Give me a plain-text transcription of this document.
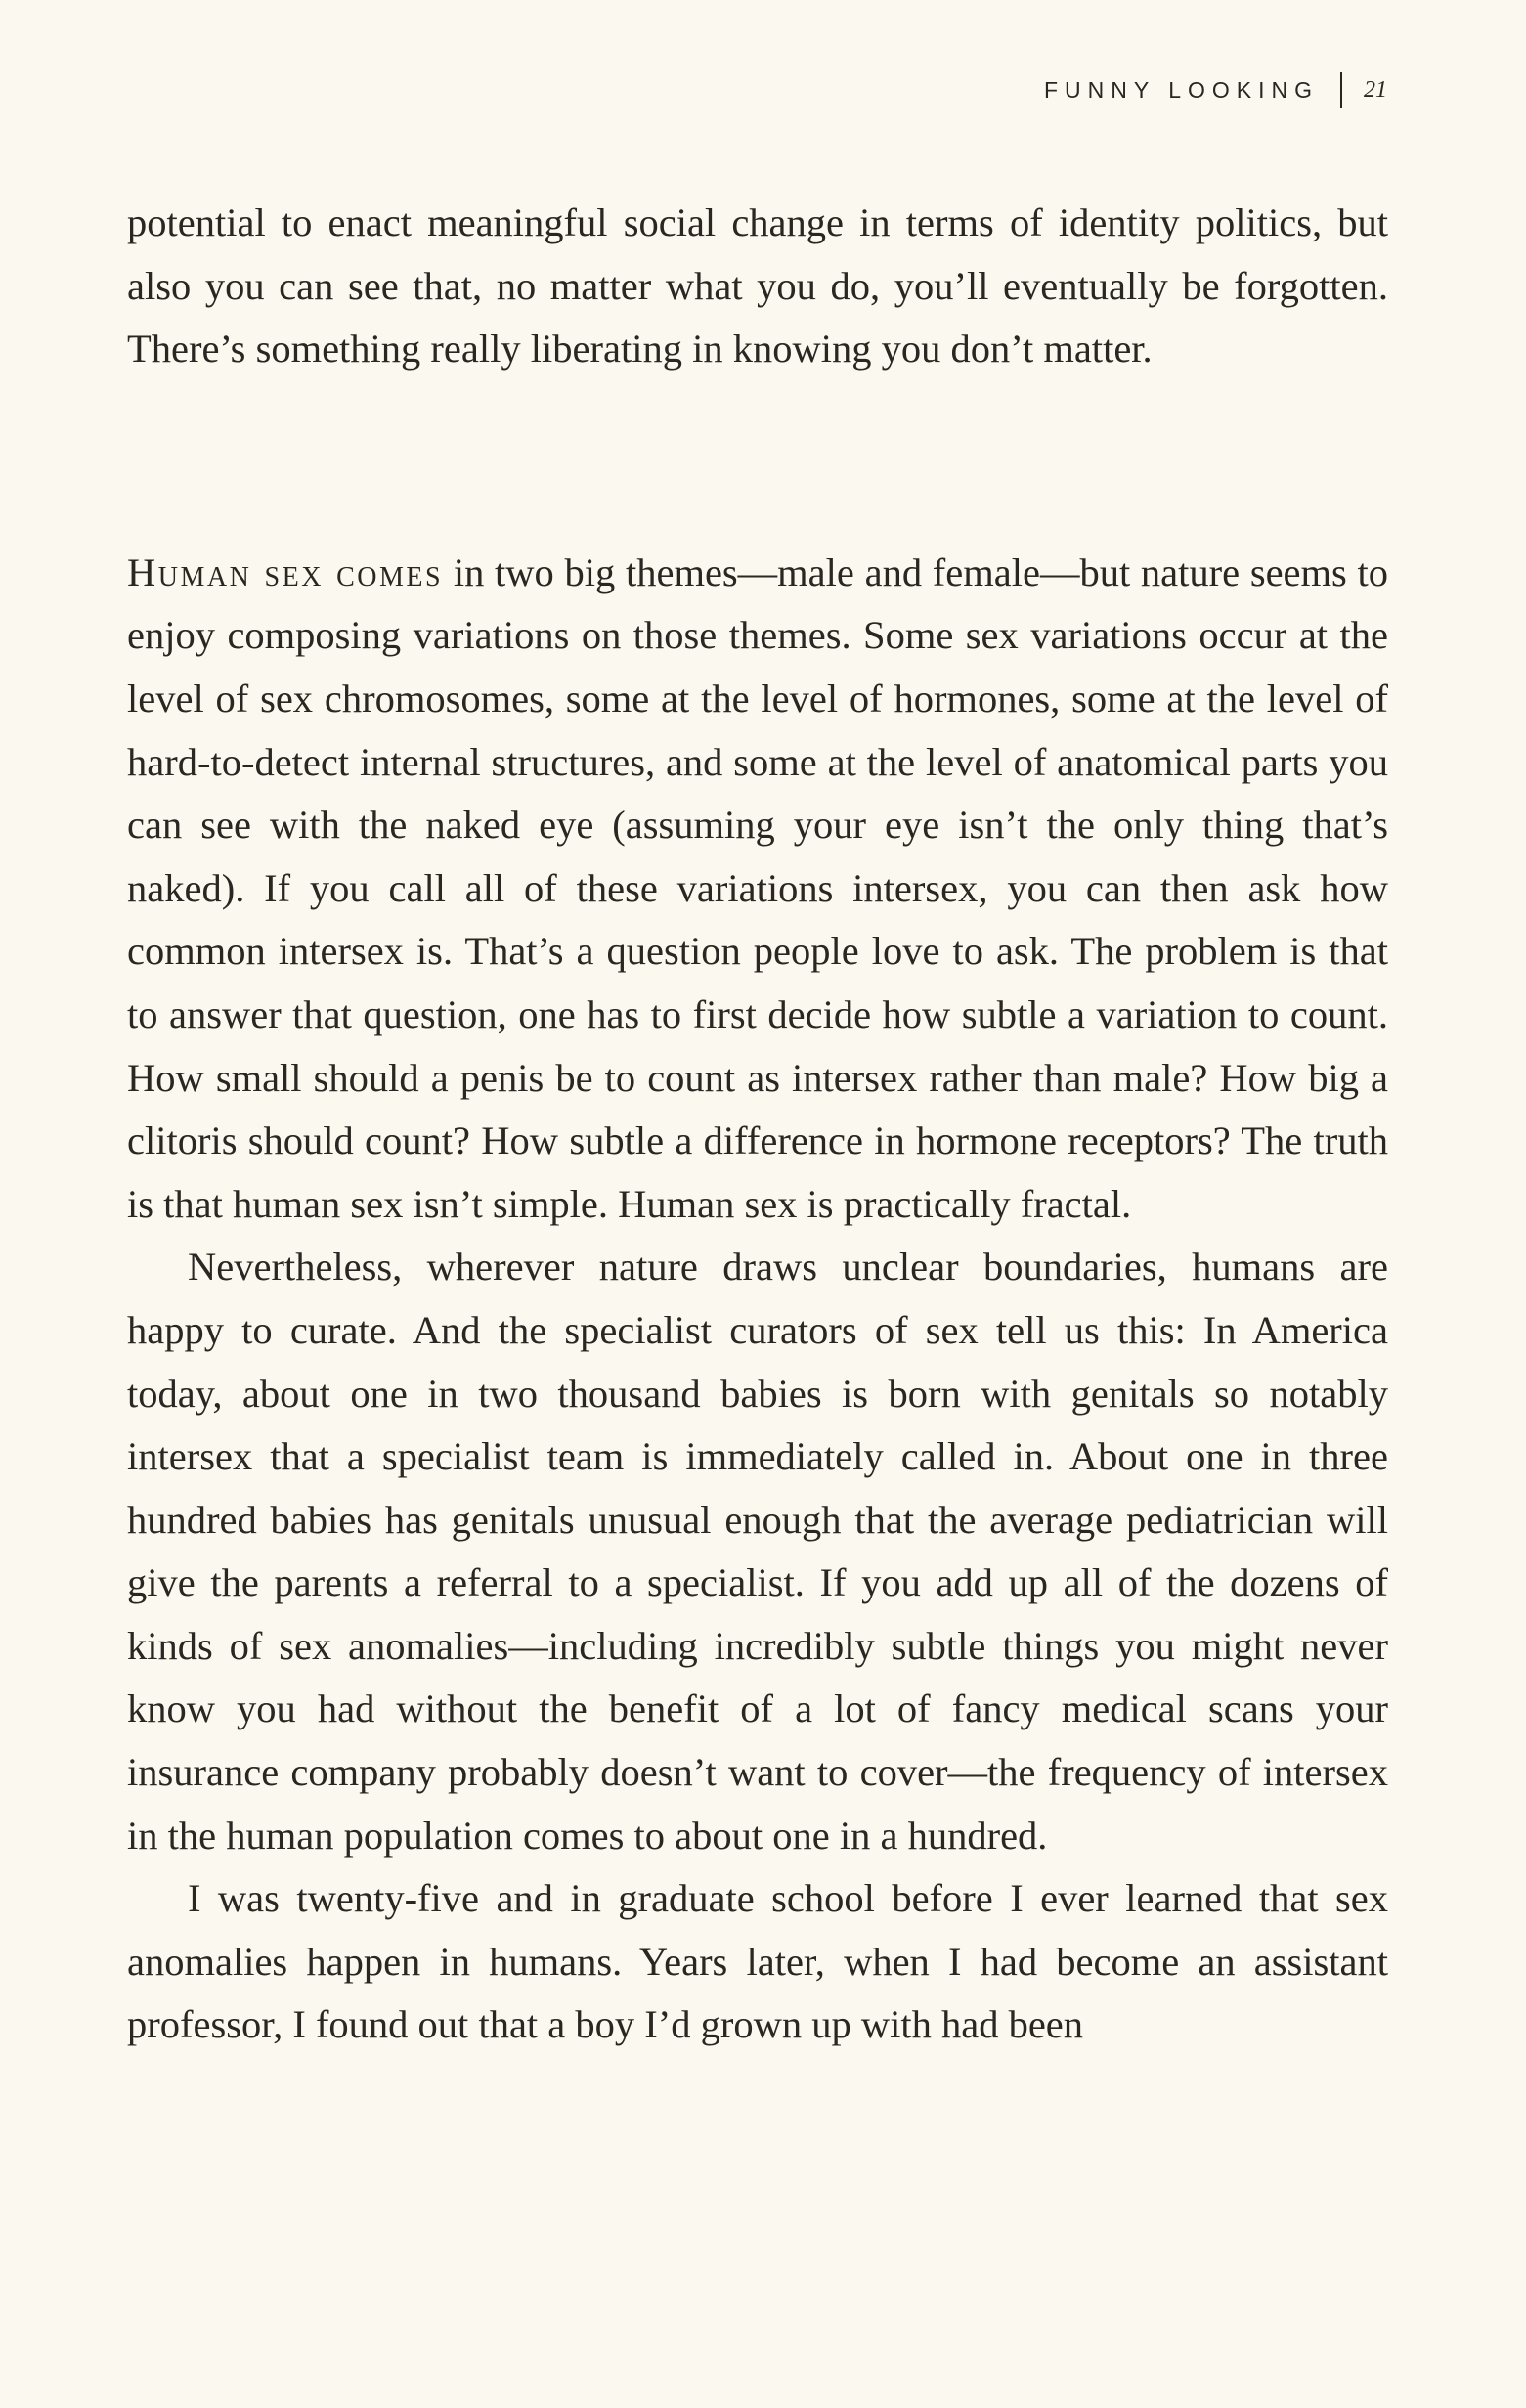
FUNNY LOOKING 21

potential to enact meaningful social change in terms of identity politics, but also you can see that, no matter what you do, you’ll eventually be forgotten. There’s something really liberating in knowing you don’t matter.

Human sex comes in two big themes—male and female—but nature seems to enjoy composing variations on those themes. Some sex variations occur at the level of sex chromosomes, some at the level of hormones, some at the level of hard-to-detect internal structures, and some at the level of anatomical parts you can see with the naked eye (assuming your eye isn’t the only thing that’s naked). If you call all of these variations intersex, you can then ask how common intersex is. That’s a question people love to ask. The problem is that to answer that question, one has to first decide how subtle a variation to count. How small should a penis be to count as intersex rather than male? How big a clitoris should count? How subtle a difference in hormone receptors? The truth is that human sex isn’t simple. Human sex is practically fractal.

Nevertheless, wherever nature draws unclear boundaries, humans are happy to curate. And the specialist curators of sex tell us this: In America today, about one in two thousand babies is born with genitals so notably intersex that a specialist team is immediately called in. About one in three hundred babies has genitals unusual enough that the average pediatrician will give the parents a referral to a specialist. If you add up all of the dozens of kinds of sex anomalies—including incredibly subtle things you might never know you had without the benefit of a lot of fancy medical scans your insurance company probably doesn’t want to cover—the frequency of intersex in the human population comes to about one in a hundred.

I was twenty-five and in graduate school before I ever learned that sex anomalies happen in humans. Years later, when I had become an assistant professor, I found out that a boy I’d grown up with had been
